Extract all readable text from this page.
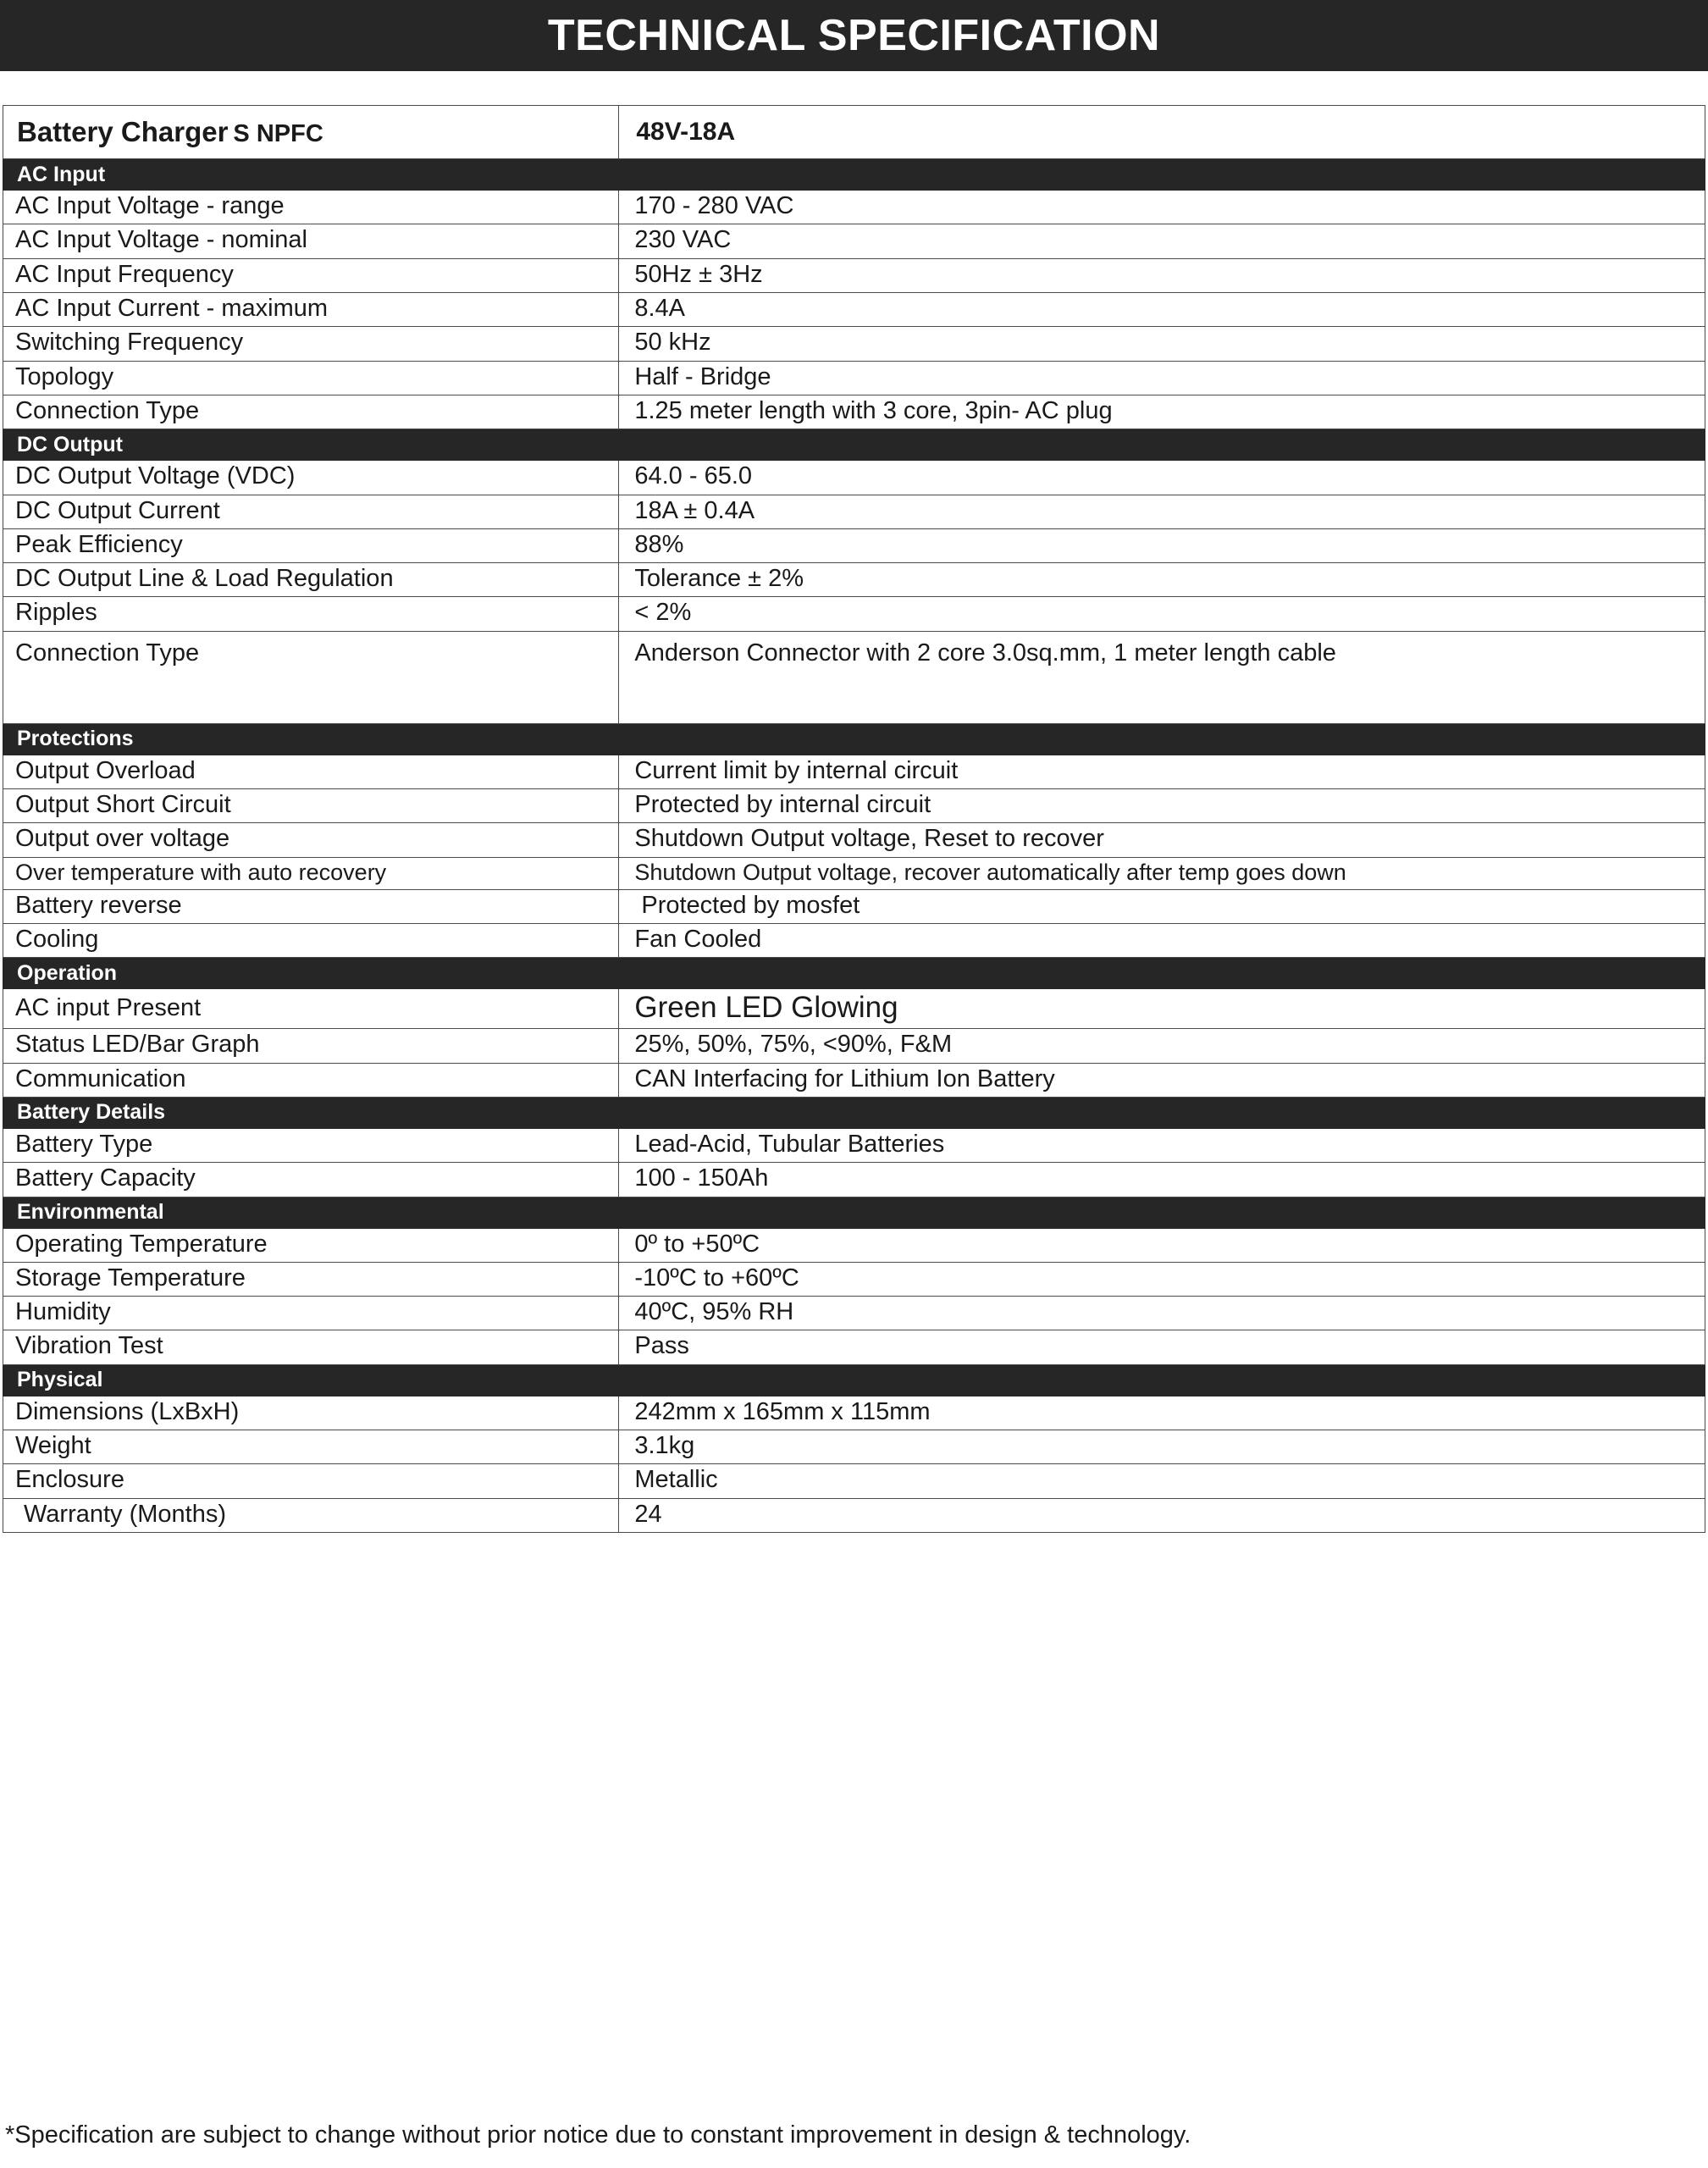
TECHNICAL SPECIFICATION
Battery Charger S NPFC	48V-18A

AC Input	

AC Input Voltage - range	170 - 280 VAC

AC Input Voltage - nominal	230 VAC

AC Input Frequency	50Hz ± 3Hz

AC Input Current - maximum	8.4A

Switching Frequency	50 kHz

Topology	Half - Bridge

Connection Type	1.25 meter length with 3 core, 3pin- AC plug

DC Output	

DC Output Voltage (VDC)	64.0 - 65.0

DC Output Current	18A ± 0.4A

Peak Efficiency	88%

DC Output Line & Load Regulation	Tolerance ± 2%

Ripples	< 2%

Connection Type	Anderson Connector with 2 core 3.0sq.mm, 1 meter length cable

Protections	

Output Overload	Current limit by internal circuit

Output Short Circuit	Protected by internal circuit

Output over voltage	Shutdown Output voltage, Reset to recover

Over temperature with auto recovery	Shutdown Output voltage, recover automatically after temp goes down

Battery reverse	Protected by mosfet

Cooling	Fan Cooled

Operation	

AC input Present	Green LED Glowing

Status LED/Bar Graph	25%, 50%, 75%, <90%, F&M

Communication	CAN Interfacing for Lithium Ion Battery

Battery Details	

Battery Type	Lead-Acid, Tubular Batteries

Battery Capacity	100 - 150Ah

Environmental	

Operating Temperature	0º to +50ºC

Storage Temperature	-10ºC to +60ºC

Humidity	40ºC, 95% RH

Vibration Test	Pass

Physical	

Dimensions (LxBxH)	242mm x 165mm x 115mm

Weight	3.1kg

Enclosure	Metallic

Warranty (Months)	24
*Specification are subject to change without prior notice due to constant improvement in design & technology.
